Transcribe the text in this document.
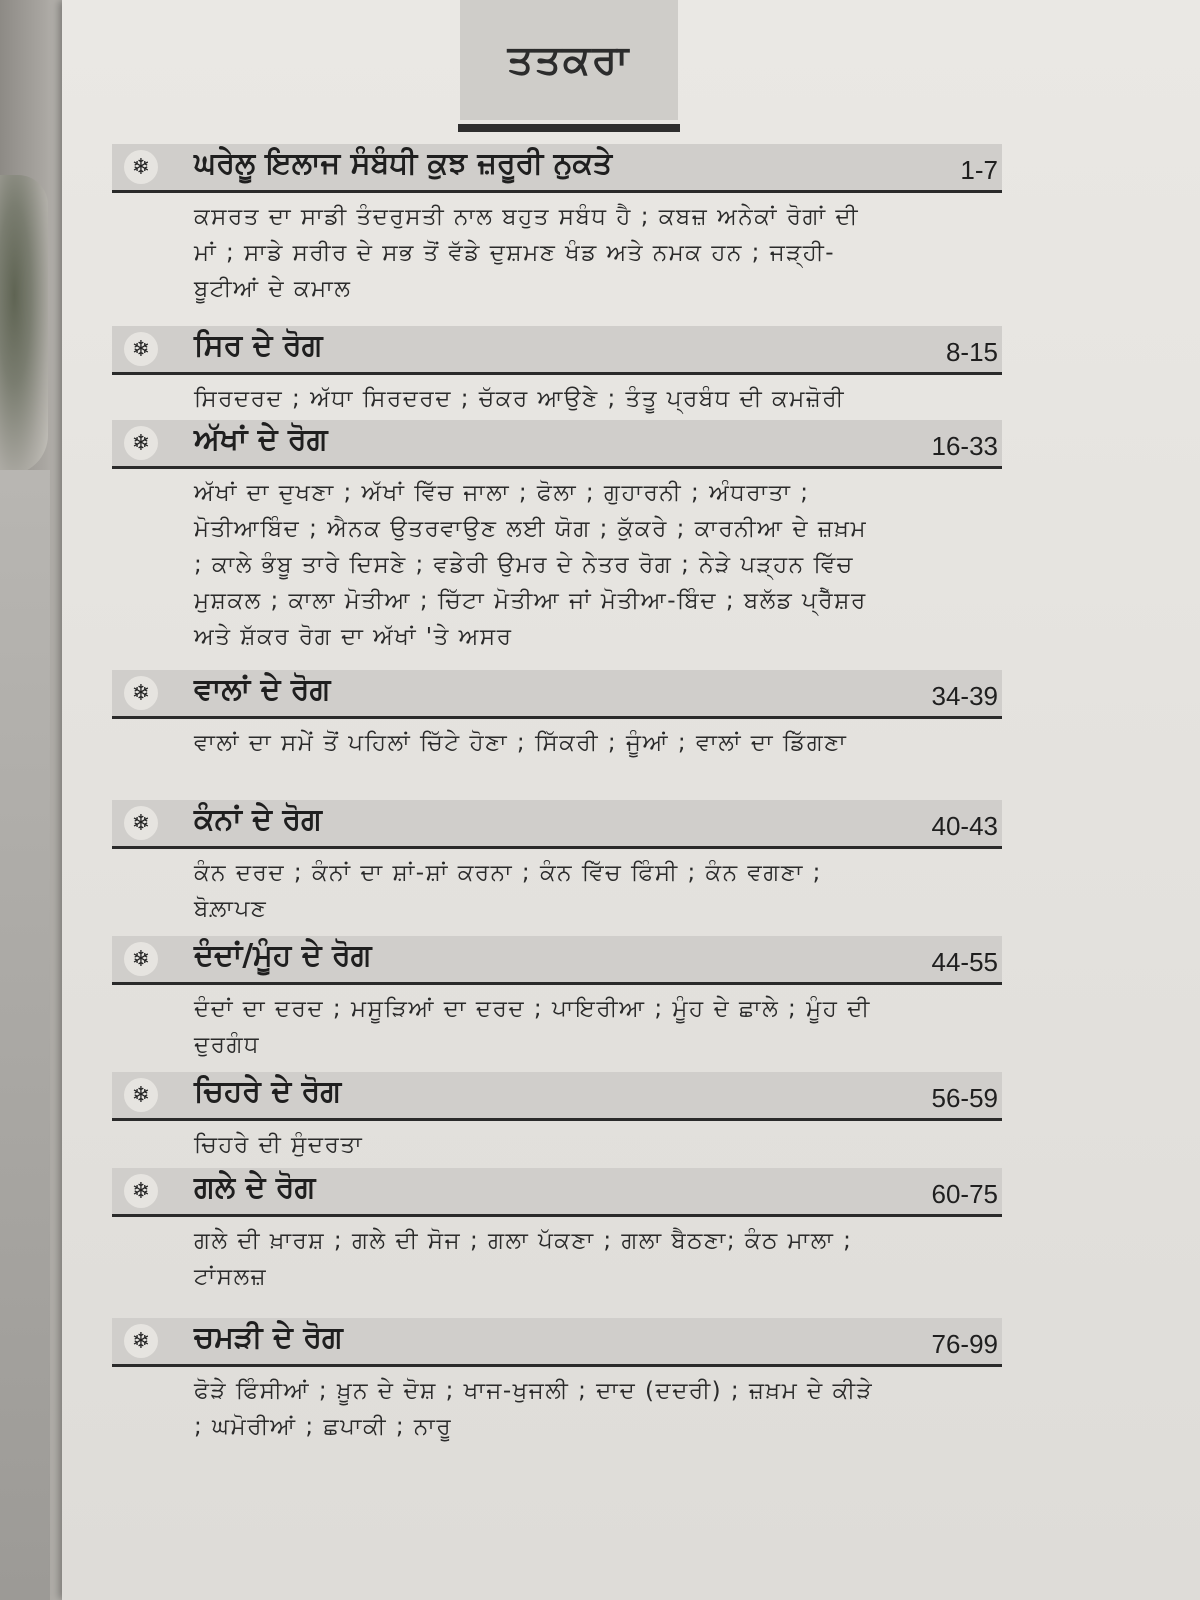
ਤਤਕਰਾ
❄ ਘਰੇਲੂ ਇਲਾਜ ਸੰਬੰਧੀ ਕੁਝ ਜ਼ਰੂਰੀ ਨੁਕਤੇ	1-7
ਕਸਰਤ ਦਾ ਸਾਡੀ ਤੰਦਰੁਸਤੀ ਨਾਲ ਬਹੁਤ ਸਬੰਧ ਹੈ ; ਕਬਜ਼ ਅਨੇਕਾਂ ਰੋਗਾਂ ਦੀ ਮਾਂ ; ਸਾਡੇ ਸਰੀਰ ਦੇ ਸਭ ਤੋਂ ਵੱਡੇ ਦੁਸ਼ਮਣ ਖੰਡ ਅਤੇ ਨਮਕ ਹਨ ; ਜੜ੍ਹੀ-ਬੂਟੀਆਂ ਦੇ ਕਮਾਲ
❄ ਸਿਰ ਦੇ ਰੋਗ	8-15
ਸਿਰਦਰਦ ; ਅੱਧਾ ਸਿਰਦਰਦ ; ਚੱਕਰ ਆਉਣੇ ; ਤੰਤੂ ਪ੍ਰਬੰਧ ਦੀ ਕਮਜ਼ੋਰੀ
❄ ਅੱਖਾਂ ਦੇ ਰੋਗ	16-33
ਅੱਖਾਂ ਦਾ ਦੁਖਣਾ ; ਅੱਖਾਂ ਵਿੱਚ ਜਾਲਾ ; ਫੋਲਾ ; ਗੁਹਾਰਨੀ ; ਅੰਧਰਾਤਾ ; ਮੋਤੀਆਬਿੰਦ ; ਐਨਕ ਉਤਰਵਾਉਣ ਲਈ ਯੋਗ ; ਕੁੱਕਰੇ ; ਕਾਰਨੀਆ ਦੇ ਜ਼ਖ਼ਮ ; ਕਾਲੇ ਭੰਬੂ ਤਾਰੇ ਦਿਸਣੇ ; ਵਡੇਰੀ ਉਮਰ ਦੇ ਨੇਤਰ ਰੋਗ ; ਨੇੜੇ ਪੜ੍ਹਨ ਵਿੱਚ ਮੁਸ਼ਕਲ ; ਕਾਲਾ ਮੋਤੀਆ ; ਚਿੱਟਾ ਮੋਤੀਆ ਜਾਂ ਮੋਤੀਆ-ਬਿੰਦ ; ਬਲੱਡ ਪ੍ਰੈੱਸ਼ਰ ਅਤੇ ਸ਼ੱਕਰ ਰੋਗ ਦਾ ਅੱਖਾਂ 'ਤੇ ਅਸਰ
❄ ਵਾਲਾਂ ਦੇ ਰੋਗ	34-39
ਵਾਲਾਂ ਦਾ ਸਮੇਂ ਤੋਂ ਪਹਿਲਾਂ ਚਿੱਟੇ ਹੋਣਾ ; ਸਿੱਕਰੀ ; ਜੂੰਆਂ ; ਵਾਲਾਂ ਦਾ ਡਿੱਗਣਾ
❄ ਕੰਨਾਂ ਦੇ ਰੋਗ	40-43
ਕੰਨ ਦਰਦ ; ਕੰਨਾਂ ਦਾ ਸ਼ਾਂ-ਸ਼ਾਂ ਕਰਨਾ ; ਕੰਨ ਵਿੱਚ ਫਿੰਸੀ ; ਕੰਨ ਵਗਣਾ ; ਬੋਲ਼ਾਪਣ
❄ ਦੰਦਾਂ/ਮੂੰਹ ਦੇ ਰੋਗ	44-55
ਦੰਦਾਂ ਦਾ ਦਰਦ ; ਮਸੂੜਿਆਂ ਦਾ ਦਰਦ ; ਪਾਇਰੀਆ ; ਮੂੰਹ ਦੇ ਛਾਲੇ ; ਮੂੰਹ ਦੀ ਦੁਰਗੰਧ
❄ ਚਿਹਰੇ ਦੇ ਰੋਗ	56-59
ਚਿਹਰੇ ਦੀ ਸੁੰਦਰਤਾ
❄ ਗਲੇ ਦੇ ਰੋਗ	60-75
ਗਲੇ ਦੀ ਖ਼ਾਰਸ਼ ; ਗਲੇ ਦੀ ਸੋਜ ; ਗਲਾ ਪੱਕਣਾ ; ਗਲਾ ਬੈਠਣਾ; ਕੰਠ ਮਾਲਾ ; ਟਾਂਸਲਜ਼
❄ ਚਮੜੀ ਦੇ ਰੋਗ	76-99
ਫੋੜੇ ਫਿੰਸੀਆਂ ; ਖ਼ੂਨ ਦੇ ਦੋਸ਼ ; ਖਾਜ-ਖੁਜਲੀ ; ਦਾਦ (ਦਦਰੀ) ; ਜ਼ਖ਼ਮ ਦੇ ਕੀੜੇ ; ਘਮੋਰੀਆਂ ; ਛਪਾਕੀ ; ਨਾਰੂ
